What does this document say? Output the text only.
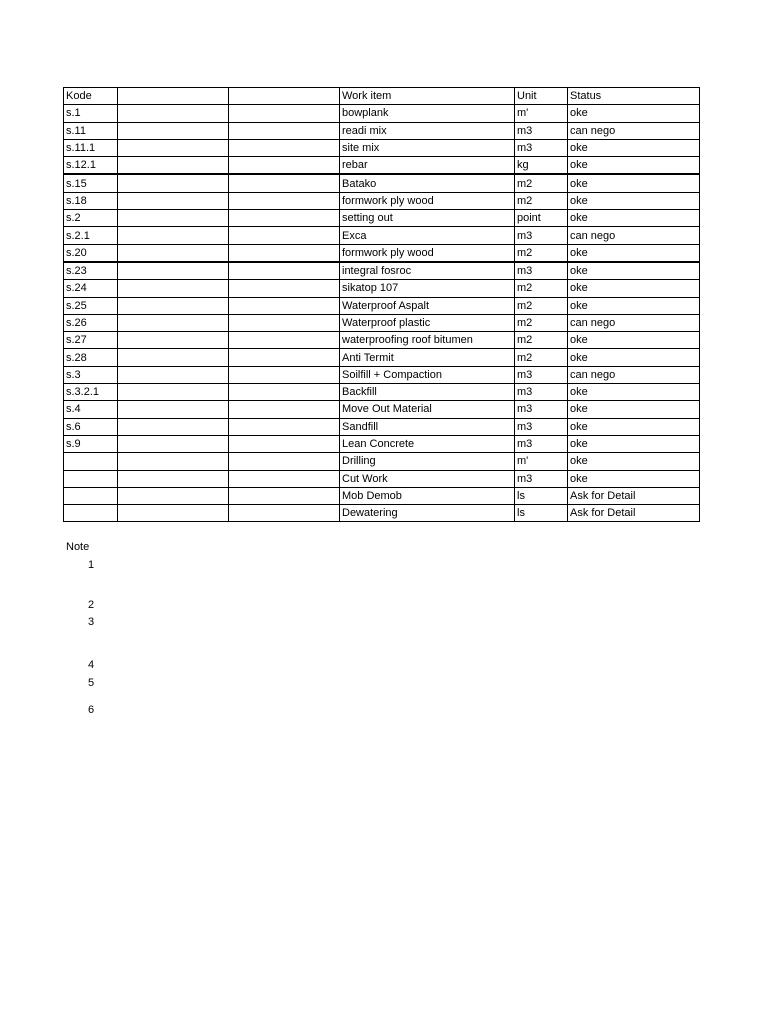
Kode			Work item	Unit	Status
s.1			bowplank	m'	oke
s.11			readi mix	m3	can nego
s.11.1			site mix	m3	oke
s.12.1			rebar	kg	oke
s.15			Batako	m2	oke
s.18			formwork ply wood	m2	oke
s.2			setting out	point	oke
s.2.1			Exca	m3	can nego
s.20			formwork ply wood	m2	oke
s.23			integral fosroc	m3	oke
s.24			sikatop 107	m2	oke
s.25			Waterproof Aspalt	m2	oke
s.26			Waterproof plastic	m2	can nego
s.27			waterproofing roof bitumen	m2	oke
s.28			Anti Termit	m2	oke
s.3			Soilfill + Compaction	m3	can nego
s.3.2.1			Backfill	m3	oke
s.4			Move Out Material	m3	oke
s.6			Sandfill	m3	oke
s.9			Lean Concrete	m3	oke
			Drilling	m'	oke
			Cut Work	m3	oke
			Mob Demob	ls	Ask for Detail
			Dewatering	ls	Ask for Detail
Note
1
2
3
4
5
6
